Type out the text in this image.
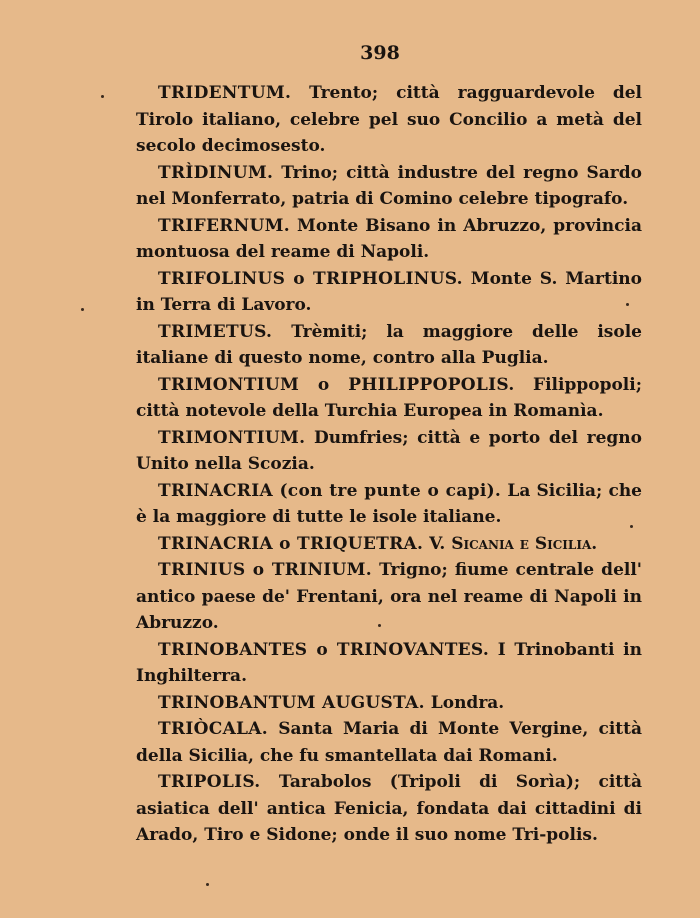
398

TRIDENTUM. Trento; città ragguardevole del Tirolo italiano, celebre pel suo Concilio a metà del secolo decimosesto.

TRÌDINUM. Trino; città industre del regno Sardo nel Monferrato, patria di Comino celebre tipografo.

TRIFERNUM. Monte Bisano in Abruzzo, provincia montuosa del reame di Napoli.

TRIFOLINUS o TRIPHOLINUS. Monte S. Martino in Terra di Lavoro.

TRIMETUS. Trèmiti; la maggiore delle isole italiane di questo nome, contro alla Puglia.

TRIMONTIUM o PHILIPPOPOLIS. Filippopoli; città notevole della Turchia Europea in Romanìa.

TRIMONTIUM. Dumfries; città e porto del regno Unito nella Scozia.

TRINACRIA (con tre punte o capi). La Sicilia; che è la maggiore di tutte le isole italiane.

TRINACRIA o TRIQUETRA. V. Sicania e Sicilia.

TRINIUS o TRINIUM. Trigno; fiume centrale dell' antico paese de' Frentani, ora nel reame di Napoli in Abruzzo.

TRINOBANTES o TRINOVANTES. I Trinobanti in Inghilterra.

TRINOBANTUM AUGUSTA. Londra.

TRIÒCALA. Santa Maria di Monte Vergine, città della Sicilia, che fu smantellata dai Romani.

TRIPOLIS. Tarabolos (Tripoli di Sorìa); città asiatica dell' antica Fenicia, fondata dai cittadini di Arado, Tiro e Sidone; onde il suo nome Tri-polis.
